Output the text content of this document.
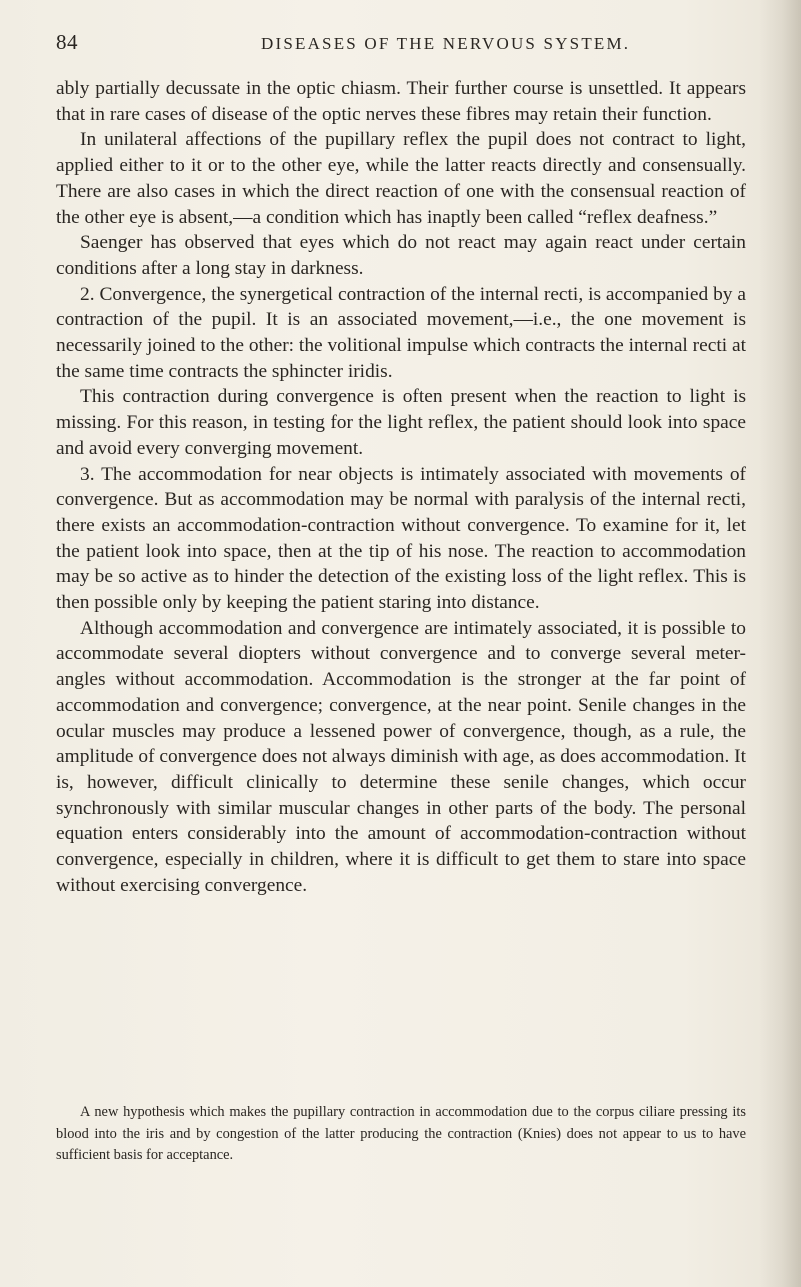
84	DISEASES OF THE NERVOUS SYSTEM.

ably partially decussate in the optic chiasm. Their further course is unsettled. It appears that in rare cases of disease of the optic nerves these fibres may retain their function.

In unilateral affections of the pupillary reflex the pupil does not contract to light, applied either to it or to the other eye, while the latter reacts directly and consensually. There are also cases in which the direct reaction of one with the consensual reaction of the other eye is absent,—a condition which has inaptly been called “reflex deafness.”

Saenger has observed that eyes which do not react may again react under certain conditions after a long stay in darkness.

2. Convergence, the synergetical contraction of the internal recti, is accompanied by a contraction of the pupil. It is an associated movement,—i.e., the one movement is necessarily joined to the other: the volitional impulse which contracts the internal recti at the same time contracts the sphincter iridis.

This contraction during convergence is often present when the reaction to light is missing. For this reason, in testing for the light reflex, the patient should look into space and avoid every converging movement.

3. The accommodation for near objects is intimately associated with movements of convergence. But as accommodation may be normal with paralysis of the internal recti, there exists an accommodation-contraction without convergence. To examine for it, let the patient look into space, then at the tip of his nose. The reaction to accommodation may be so active as to hinder the detection of the existing loss of the light reflex. This is then possible only by keeping the patient staring into distance.

Although accommodation and convergence are intimately associated, it is possible to accommodate several diopters without convergence and to converge several meter-angles without accommodation. Accommodation is the stronger at the far point of accommodation and convergence; convergence, at the near point. Senile changes in the ocular muscles may produce a lessened power of convergence, though, as a rule, the amplitude of convergence does not always diminish with age, as does accommodation. It is, however, difficult clinically to determine these senile changes, which occur synchronously with similar muscular changes in other parts of the body. The personal equation enters considerably into the amount of accommodation-contraction without convergence, especially in children, where it is difficult to get them to stare into space without exercising convergence.

A new hypothesis which makes the pupillary contraction in accommodation due to the corpus ciliare pressing its blood into the iris and by congestion of the latter producing the contraction (Knies) does not appear to us to have sufficient basis for acceptance.
